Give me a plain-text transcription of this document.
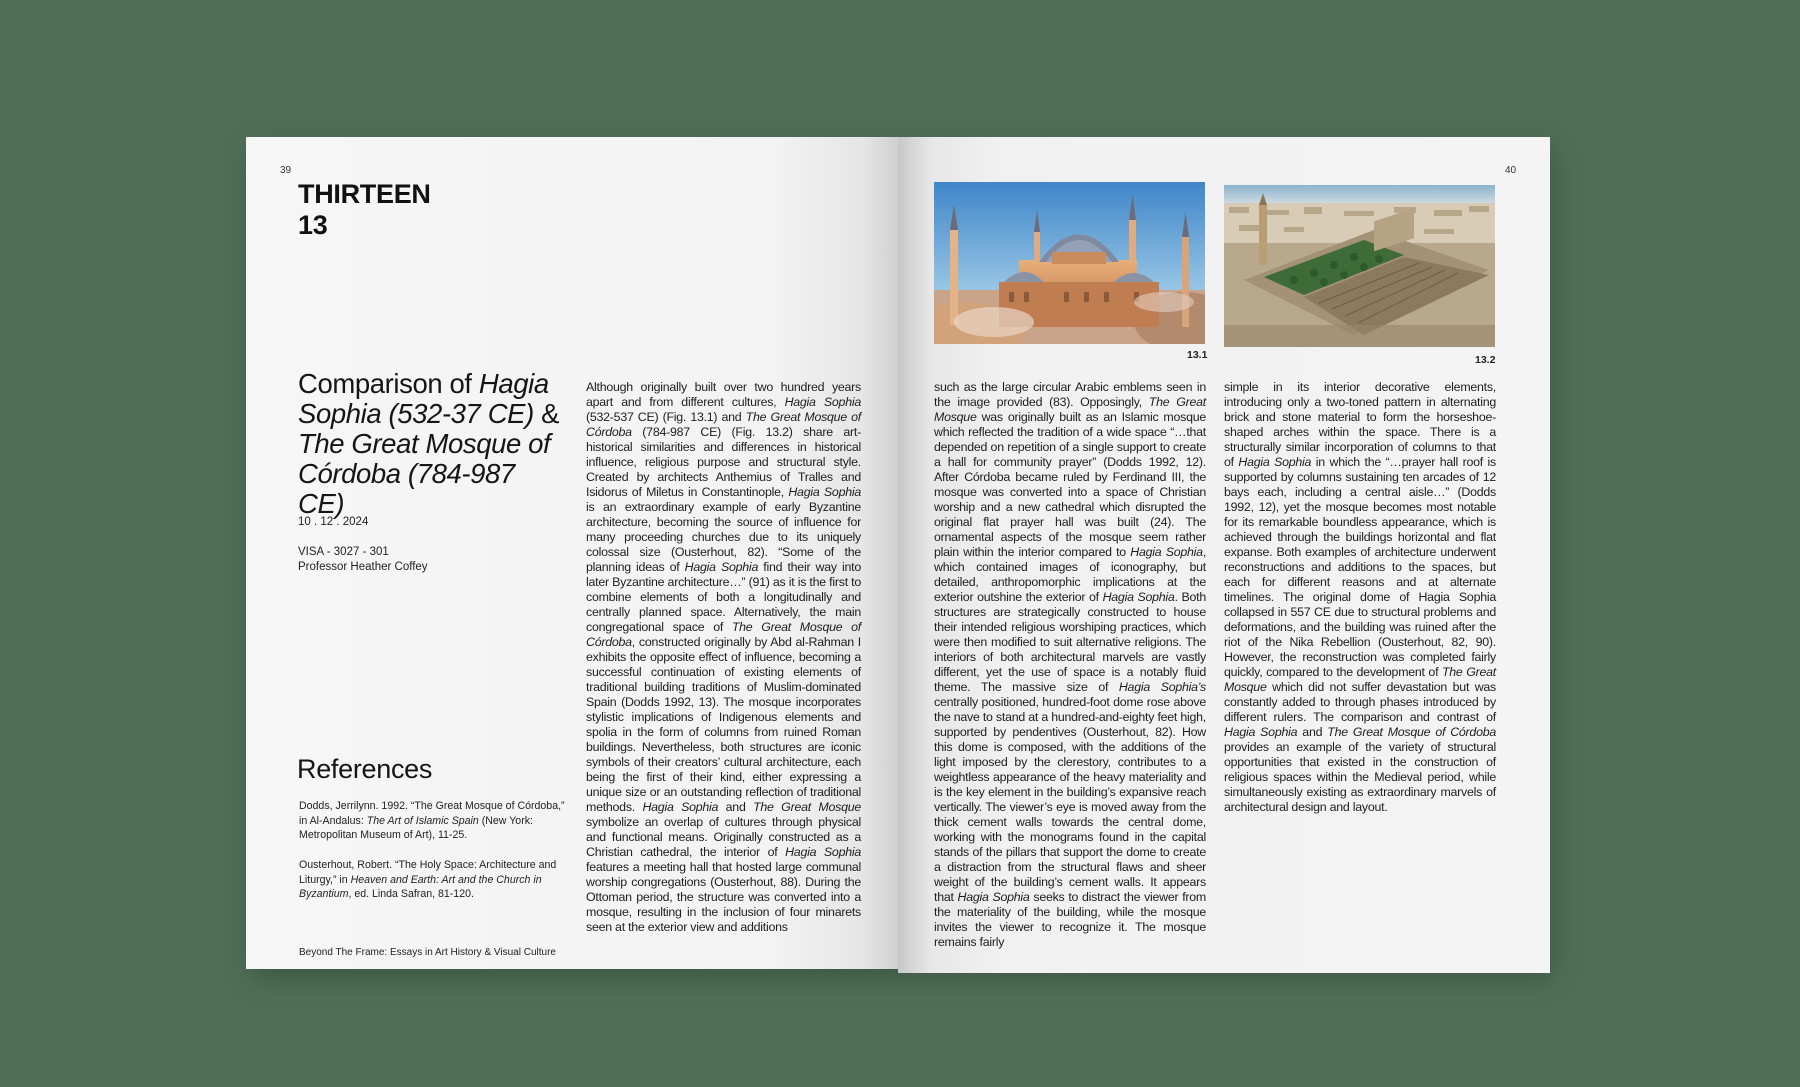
39
THIRTEEN
13
Comparison of Hagia Sophia (532-37 CE) & The Great Mosque of Córdoba (784-987 CE)
10 . 12 . 2024
VISA - 3027 - 301
Professor Heather Coffey
References
Dodds, Jerrilynn. 1992. “The Great Mosque of Córdoba,” in Al-Andalus: The Art of Islamic Spain (New York: Metropolitan Museum of Art), 11-25.
Ousterhout, Robert. “The Holy Space: Architecture and Liturgy,” in Heaven and Earth: Art and the Church in Byzantium, ed. Linda Safran, 81-120.
Beyond The Frame: Essays in Art History & Visual Culture
Although originally built over two hundred years apart and from different cultures, Hagia Sophia (532-537 CE) (Fig. 13.1) and The Great Mosque of Córdoba (784-987 CE) (Fig. 13.2) share art-historical similarities and differences in historical influence, religious purpose and structural style. Created by architects Anthemius of Tralles and Isidorus of Miletus in Constantinople, Hagia Sophia is an extraordinary example of early Byzantine architecture, becoming the source of influence for many proceeding churches due to its uniquely colossal size (Ousterhout, 82). “Some of the planning ideas of Hagia Sophia find their way into later Byzantine architecture…” (91) as it is the first to combine elements of both a longitudinally and centrally planned space. Alternatively, the main congregational space of The Great Mosque of Córdoba, constructed originally by Abd al-Rahman I exhibits the opposite effect of influence, becoming a successful continuation of existing elements of traditional building traditions of Muslim-dominated Spain (Dodds 1992, 13). The mosque incorporates stylistic implications of Indigenous elements and spolia in the form of columns from ruined Roman buildings. Nevertheless, both structures are iconic symbols of their creators’ cultural architecture, each being the first of their kind, either expressing a unique size or an outstanding reflection of traditional methods. Hagia Sophia and The Great Mosque symbolize an overlap of cultures through physical and functional means. Originally constructed as a Christian cathedral, the interior of Hagia Sophia features a meeting hall that hosted large communal worship congregations (Ousterhout, 88). During the Ottoman period, the structure was converted into a mosque, resulting in the inclusion of four minarets seen at the exterior view and additions
40
13.1	13.2
such as the large circular Arabic emblems seen in the image provided (83). Opposingly, The Great Mosque was originally built as an Islamic mosque which reflected the tradition of a wide space “…that depended on repetition of a single support to create a hall for community prayer” (Dodds 1992, 12). After Córdoba became ruled by Ferdinand III, the mosque was converted into a space of Christian worship and a new cathedral which disrupted the original flat prayer hall was built (24). The ornamental aspects of the mosque seem rather plain within the interior compared to Hagia Sophia, which contained images of iconography, but detailed, anthropomorphic implications at the exterior outshine the exterior of Hagia Sophia. Both structures are strategically constructed to house their intended religious worshiping practices, which were then modified to suit alternative religions. The interiors of both architectural marvels are vastly different, yet the use of space is a notably fluid theme. The massive size of Hagia Sophia’s centrally positioned, hundred-foot dome rose above the nave to stand at a hundred-and-eighty feet high, supported by pendentives (Ousterhout, 82). How this dome is composed, with the additions of the light imposed by the clerestory, contributes to a weightless appearance of the heavy materiality and is the key element in the building’s expansive reach vertically. The viewer’s eye is moved away from the thick cement walls towards the central dome, working with the monograms found in the capital stands of the pillars that support the dome to create a distraction from the structural flaws and sheer weight of the building’s cement walls. It appears that Hagia Sophia seeks to distract the viewer from the materiality of the building, while the mosque invites the viewer to recognize it. The mosque remains fairly
simple in its interior decorative elements, introducing only a two-toned pattern in alternating brick and stone material to form the horseshoe-shaped arches within the space. There is a structurally similar incorporation of columns to that of Hagia Sophia in which the “…prayer hall roof is supported by columns sustaining ten arcades of 12 bays each, including a central aisle…” (Dodds 1992, 12), yet the mosque becomes most notable for its remarkable boundless appearance, which is achieved through the buildings horizontal and flat expanse. Both examples of architecture underwent reconstructions and additions to the spaces, but each for different reasons and at alternate timelines. The original dome of Hagia Sophia collapsed in 557 CE due to structural problems and deformations, and the building was ruined after the riot of the Nika Rebellion (Ousterhout, 82, 90). However, the reconstruction was completed fairly quickly, compared to the development of The Great Mosque which did not suffer devastation but was constantly added to through phases introduced by different rulers. The comparison and contrast of Hagia Sophia and The Great Mosque of Córdoba provides an example of the variety of structural opportunities that existed in the construction of religious spaces within the Medieval period, while simultaneously existing as extraordinary marvels of architectural design and layout.
